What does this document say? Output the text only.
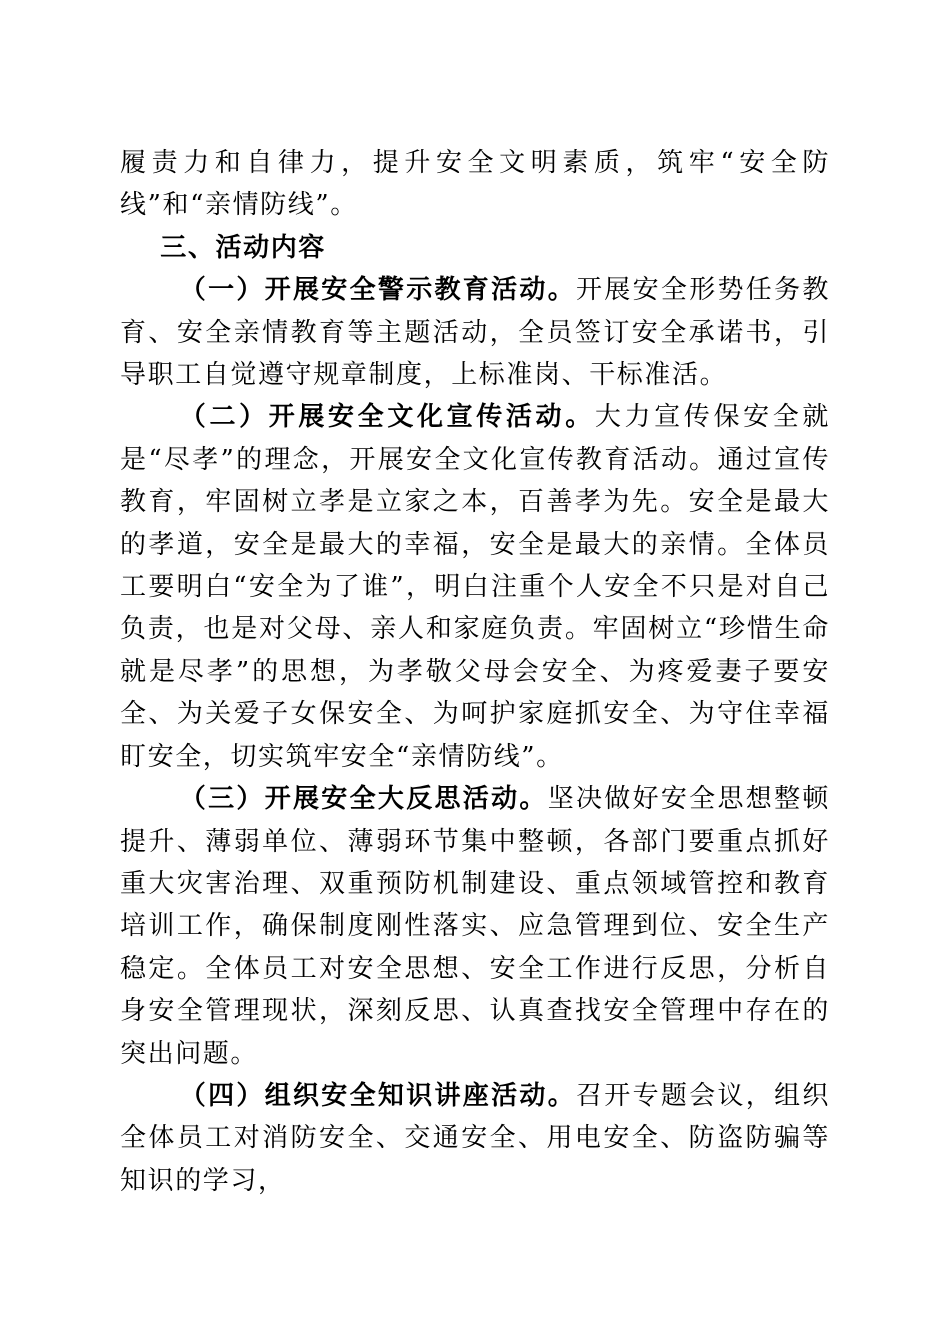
履责力和自律力，提升安全文明素质，筑牢“安全防线”和“亲情防线”。

三、活动内容

（一）开展安全警示教育活动。开展安全形势任务教育、安全亲情教育等主题活动，全员签订安全承诺书，引导职工自觉遵守规章制度，上标准岗、干标准活。

（二）开展安全文化宣传活动。大力宣传保安全就是“尽孝”的理念，开展安全文化宣传教育活动。通过宣传教育，牢固树立孝是立家之本，百善孝为先。安全是最大的孝道，安全是最大的幸福，安全是最大的亲情。全体员工要明白“安全为了谁”，明白注重个人安全不只是对自己负责，也是对父母、亲人和家庭负责。牢固树立“珍惜生命就是尽孝”的思想，为孝敬父母会安全、为疼爱妻子要安全、为关爱子女保安全、为呵护家庭抓安全、为守住幸福盯安全，切实筑牢安全“亲情防线”。

（三）开展安全大反思活动。坚决做好安全思想整顿提升、薄弱单位、薄弱环节集中整顿，各部门要重点抓好重大灾害治理、双重预防机制建设、重点领域管控和教育培训工作，确保制度刚性落实、应急管理到位、安全生产稳定。全体员工对安全思想、安全工作进行反思，分析自身安全管理现状，深刻反思、认真查找安全管理中存在的突出问题。

（四）组织安全知识讲座活动。召开专题会议，组织全体员工对消防安全、交通安全、用电安全、防盗防骗等知识的学习，
